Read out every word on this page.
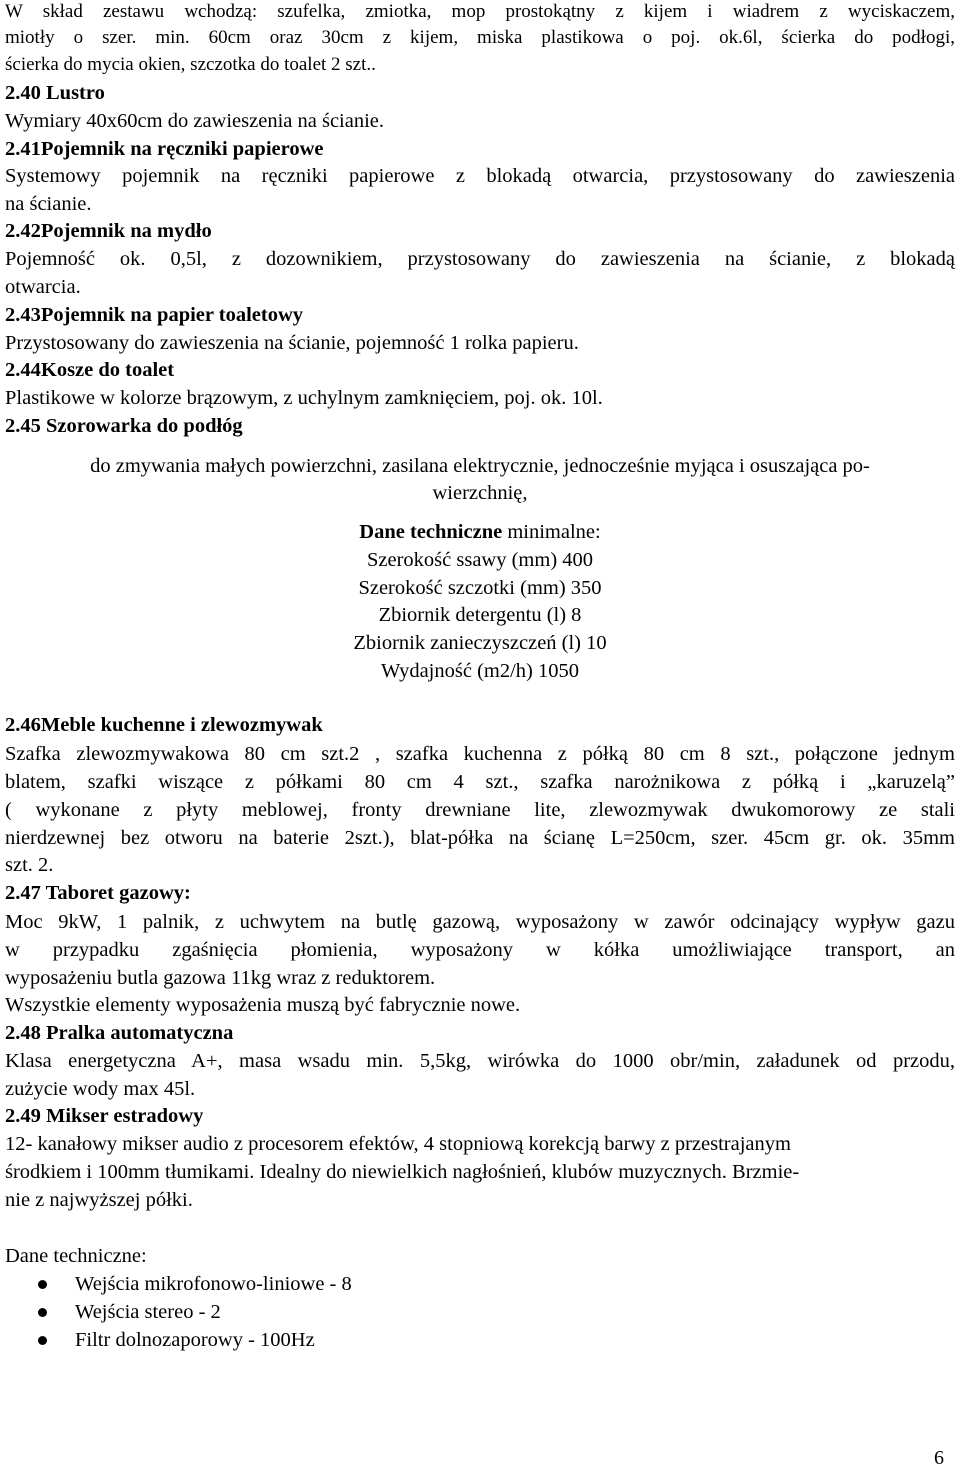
W skład zestawu wchodzą: szufelka, zmiotka, mop prostokątny z kijem i wiadrem z wyciskaczem,

miotły o szer. min. 60cm oraz 30cm z kijem, miska plastikowa o poj. ok.6l, ścierka do podłogi,

ścierka do mycia okien, szczotka do toalet 2 szt..

2.40 Lustro

Wymiary 40x60cm do zawieszenia na ścianie.

2.41Pojemnik na ręczniki papierowe

Systemowy pojemnik na ręczniki papierowe z blokadą otwarcia, przystosowany do zawieszenia

na ścianie.

2.42Pojemnik na mydło

Pojemność ok. 0,5l, z dozownikiem, przystosowany do zawieszenia na ścianie, z blokadą

otwarcia.

2.43Pojemnik na papier toaletowy

Przystosowany do zawieszenia na ścianie, pojemność 1 rolka papieru.

2.44Kosze do toalet

Plastikowe w kolorze brązowym, z uchylnym zamknięciem, poj. ok. 10l.

2.45 Szorowarka do podłóg

do zmywania małych powierzchni, zasilana elektrycznie, jednocześnie myjąca i osuszająca po-

wierzchnię,

Dane techniczne minimalne:

Szerokość ssawy (mm) 400

Szerokość szczotki (mm) 350

Zbiornik detergentu (l) 8

Zbiornik zanieczyszczeń (l) 10

Wydajność (m2/h) 1050

2.46Meble kuchenne i zlewozmywak

Szafka zlewozmywakowa 80 cm szt.2 , szafka kuchenna z półką 80 cm 8 szt., połączone jednym

blatem, szafki wiszące z półkami 80 cm 4 szt., szafka narożnikowa z półką i „karuzelą”

( wykonane z płyty meblowej, fronty drewniane lite, zlewozmywak dwukomorowy ze stali

nierdzewnej bez otworu na baterie 2szt.), blat-półka na ścianę L=250cm, szer. 45cm gr. ok. 35mm

szt. 2.

2.47 Taboret gazowy:

Moc 9kW, 1 palnik, z uchwytem na butlę gazową, wyposażony w zawór odcinający wypływ gazu

w przypadku zgaśnięcia płomienia, wyposażony w kółka umożliwiające transport, an

wyposażeniu butla gazowa 11kg wraz z reduktorem.

Wszystkie elementy wyposażenia muszą być fabrycznie nowe.

2.48 Pralka automatyczna

Klasa energetyczna A+, masa wsadu min. 5,5kg, wirówka do 1000 obr/min, załadunek od przodu,

zużycie wody max 45l.

2.49 Mikser estradowy

12- kanałowy mikser audio z procesorem efektów, 4 stopniową korekcją barwy z przestrajanym

środkiem i 100mm tłumikami. Idealny do niewielkich nagłośnień, klubów muzycznych. Brzmie-

nie z najwyższej półki.

Dane techniczne:

Wejścia mikrofonowo-liniowe - 8

Wejścia stereo - 2

Filtr dolnozaporowy - 100Hz

6
